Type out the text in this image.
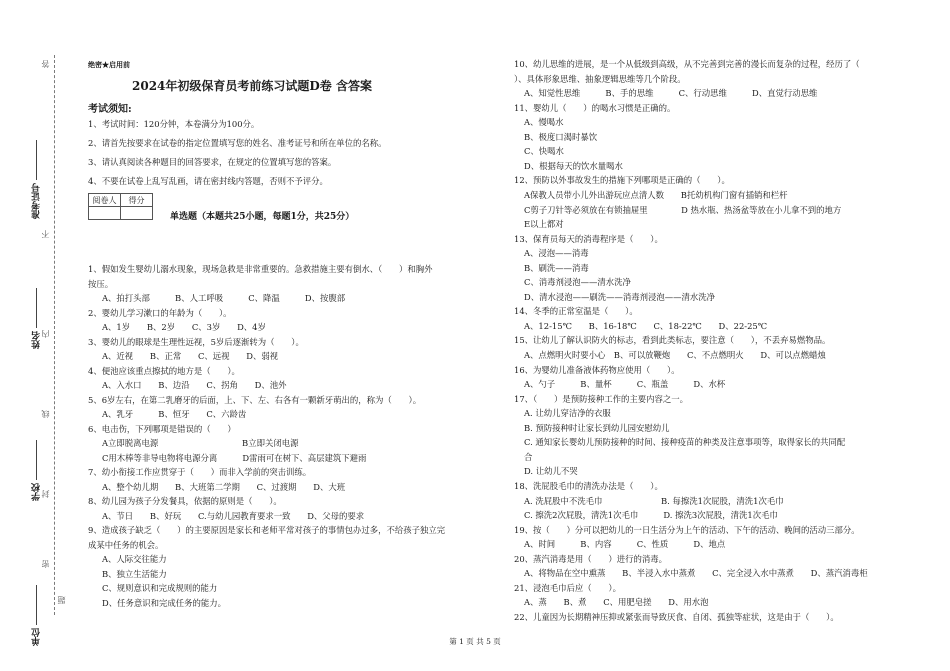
准考证号
姓名
学校
单位
答
不
内
线
封
密
题
绝密★启用前
2024年初级保育员考前练习试题D卷 含答案
考试须知:
1、考试时间：120分钟，本卷满分为100分。
2、请首先按要求在试卷的指定位置填写您的姓名、准考证号和所在单位的名称。
3、请认真阅读各种题目的回答要求，在规定的位置填写您的答案。
4、不要在试卷上乱写乱画，请在密封线内答题，否则不予评分。
阅卷人	得分

单选题（本题共25小题，每题1分，共25分）
1、假如发生婴幼儿溺水现象，现场急救是非常重要的。急救措施主要有倒水、（　　）和胸外
按压。
A、拍打头部　　　B、人工呼吸　　　C、降温　　　D、按腹部
2、婴幼儿学习漱口的年龄为（　　）。
A、1岁　　B、2岁　　C、3岁　　D、4岁
3、婴幼儿的眼球是生理性远视，5岁后逐渐转为（　　）。
A、近视　　B、正常　　C、远视　　D、弱视
4、便池应该重点擦拭的地方是（　　）。
A、入水口　　B、边沿　　C、拐角　　D、池外
5、6岁左右，在第二乳磨牙的后面，上、下、左、右各有一颗新牙萌出的，称为（　　）。
A、乳牙　　　B、恒牙　　C、六龄齿
6、电击伤，下列哪项是错误的（　　）
A立即脱离电源　　　　　　　　　　B立即关闭电源
C用木棒等非导电物将电源分离　　　D雷雨可在树下、高层建筑下避雨
7、幼小衔接工作应贯穿于（　　）而非入学前的突击训练。
A、整个幼儿期　　B、大班第二学期　　C、过渡期　　D、大班
8、幼儿园为孩子分发餐具，依据的原则是（　　）。
A、节日　　B、好玩　　C.与幼儿园教育要求一致　　D、父母的要求
9、造成孩子缺乏（　　）的主要原因是家长和老师平常对孩子的事情包办过多，不给孩子独立完
成某中任务的机会。
A、人际交往能力
B、独立生活能力
C、规则意识和完成规则的能力
D、任务意识和完成任务的能力。
10、幼儿思维的进展，是一个从低级到高级，从不完善到完善的漫长而复杂的过程，经历了（
）、具体形象思维、抽象逻辑思维等几个阶段。
A、知觉性思维　　　B、手的思维　　　C、行动思维　　　D、直觉行动思维
11、婴幼儿（　　）的喝水习惯是正确的。
A、慢喝水
B、极度口渴时暴饮
C、快喝水
D、根据每天的饮水量喝水
12、预防以外事故发生的措施下列哪项是正确的（　　）。
A保教人员带小儿外出游玩应点清人数　　B托幼机构门窗有插销和栏杆
C剪子刀针等必须放在有锁抽屉里　　　　D 热水瓶、热汤盆等放在小儿拿不到的地方
E以上都对
13、保育员每天的消毒程序是（　　）。
A、浸泡——消毒
B、刷洗——消毒
C、消毒剂浸泡——清水洗净
D、清水浸泡——刷洗——消毒剂浸泡——清水洗净
14、冬季的正常室温是（　　）。
A、12-15℃　　B、16-18℃　　C、18-22℃　　D、22-25℃
15、让幼儿了解认识防火的标志，看到此类标志，要注意（　　），不丢弃易燃物品。
A、点燃明火时要小心　B、可以放鞭炮　　C、不点燃明火　　D、可以点燃蜡烛
16、为婴幼儿准备液体药物应使用（　　）。
A、勺子　　　B、量杯　　　C、瓶盖　　　D、水杯
17、（　　）是预防接种工作的主要内容之一。
A. 让幼儿穿洁净的衣服
B. 预防接种时让家长到幼儿园安慰幼儿
C. 通知家长婴幼儿预防接种的时间、接种疫苗的种类及注意事项等，取得家长的共同配
合
D. 让幼儿不哭
18、洗屁股毛巾的清洗办法是（　　）。
A. 洗屁股中不洗毛巾　　　　　　　B. 每擦洗1次屁股，清洗1次毛巾
C. 擦洗2次屁股，清洗1次毛巾　　　D. 擦洗3次屁股，清洗1次毛巾
19、按（　　）分可以把幼儿的一日生活分为上午的活动、下午的活动、晚间的活动三部分。
A、时间　　　B、内容　　　C、性质　　　D、地点
20、蒸汽消毒是用（　　）进行的消毒。
A、将物品在空中熏蒸　　B、半浸入水中蒸煮　　C、完全浸入水中蒸煮　　D、蒸汽消毒柜
21、浸泡毛巾后应（　　）。
A、蒸　　B、煮　　C、用肥皂搓　　D、用水泡
22、儿童因为长期精神压抑或紧张而导致厌食、自闭、孤独等症状，这是由于（　　）。
第 1 页 共 5 页
